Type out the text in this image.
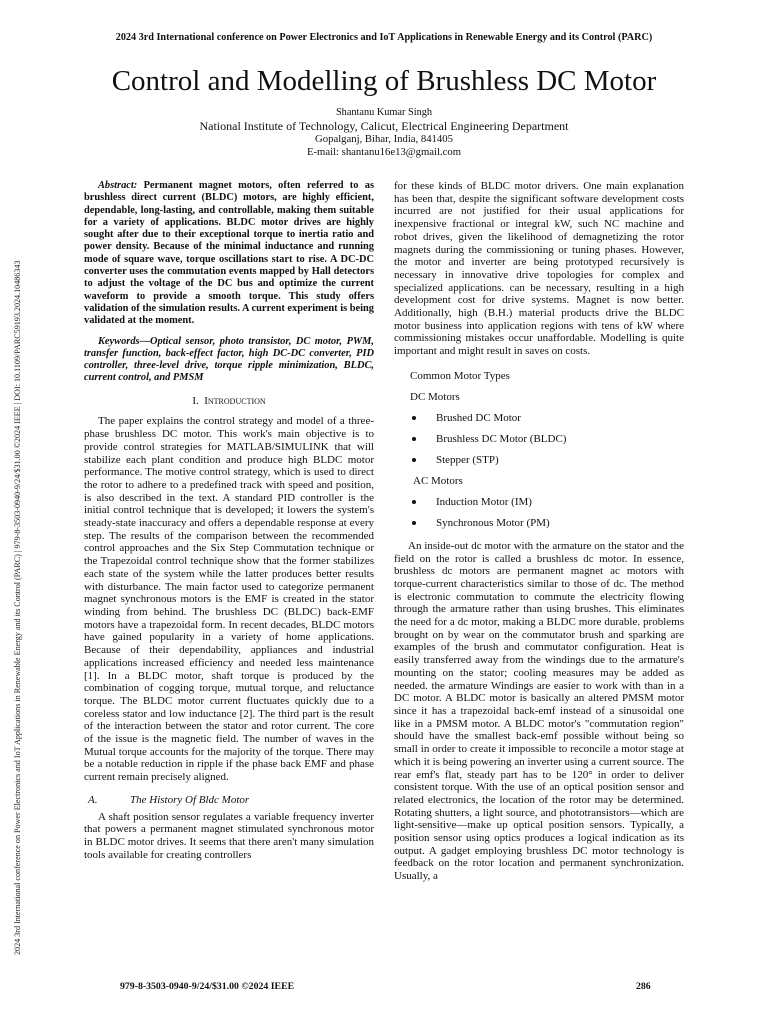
2024 3rd International conference on Power Electronics and IoT Applications in Renewable Energy and its Control (PARC)
2024 3rd International conference on Power Electronics and IoT Applications in Renewable Energy and its Control (PARC) | 979-8-3503-0940-9/24/$31.00 ©2024 IEEE | DOI: 10.1109/PARC59193.2024.10486343
Control and Modelling of Brushless DC Motor
Shantanu Kumar Singh
National Institute of Technology, Calicut, Electrical Engineering Department
Gopalganj, Bihar, India, 841405
E-mail: shantanu16e13@gmail.com

Abstract: Permanent magnet motors, often referred to as brushless direct current (BLDC) motors, are highly efficient, dependable, long-lasting, and controllable, making them suitable for a variety of applications. BLDC motor drives are highly sought after due to their exceptional torque to inertia ratio and power density. Because of the minimal inductance and running mode of square wave, torque oscillations start to rise. A DC-DC converter uses the commutation events mapped by Hall detectors to adjust the voltage of the DC bus and optimize the current waveform to provide a smooth torque. This study offers validation of the simulation results. A current experiment is being validated at the moment.

Keywords—Optical sensor, photo transistor, DC motor, PWM, transfer function, back-effect factor, high DC-DC converter, PID controller, three-level drive, torque ripple minimization, BLDC, current control, and PMSM

I. Introduction

The paper explains the control strategy and model of a three-phase brushless DC motor. This work's main objective is to provide control strategies for MATLAB/SIMULINK that will stabilize each plant condition and produce high BLDC motor performance. The motive control strategy, which is used to direct the rotor to adhere to a predefined track with speed and position, is also described in the text. A standard PID controller is the initial control technique that is developed; it lowers the system's steady-state inaccuracy and offers a dependable response at every step. The results of the comparison between the recommended control approaches and the Six Step Commutation technique or the Trapezoidal control technique show that the former stabilizes each state of the system while the latter produces better results with disturbance. The main factor used to categorize permanent magnet synchronous motors is the EMF is created in the stator winding from behind. The brushless DC (BLDC) back-EMF motors have a trapezoidal form. In recent decades, BLDC motors have gained popularity in a variety of home applications. Because of their dependability, appliances and industrial applications increased efficiency and needed less maintenance [1]. In a BLDC motor, shaft torque is produced by the combination of cogging torque, mutual torque, and reluctance torque. The BLDC motor current fluctuates quickly due to a coreless stator and low inductance [2]. The third part is the result of the interaction between the stator and rotor current. The core of the issue is the magnetic field. The number of waves in the Mutual torque accounts for the majority of the torque. There may be a notable reduction in ripple if the phase back EMF and phase current remain precisely aligned.

A.	The History Of Bldc Motor

A shaft position sensor regulates a variable frequency inverter that powers a permanent magnet stimulated synchronous motor in BLDC motor drives. It seems that there aren't many simulation tools available for creating controllers

for these kinds of BLDC motor drivers. One main explanation has been that, despite the significant software development costs incurred are not justified for their usual applications for inexpensive fractional or integral kW, such NC machine and robot drives, given the likelihood of demagnetizing the rotor magnets during the commissioning or tuning phases. However, the motor and inverter are being prototyped recursively is necessary in innovative drive topologies for complex and specialized applications. can be necessary, resulting in a high development cost for drive systems. Magnet is now better. Additionally, high (B.H.) material products drive the BLDC motor business into application regions with tens of kW where commissioning mistakes occur unaffordable. Modelling is quite important and might result in saves on costs.

Common Motor Types
DC Motors
Brushed DC Motor
Brushless DC Motor (BLDC)
Stepper (STP)
AC Motors
Induction Motor (IM)
Synchronous Motor (PM)

An inside-out dc motor with the armature on the stator and the field on the rotor is called a brushless dc motor. In essence, brushless dc motors are permanent magnet ac motors with torque-current characteristics similar to those of dc. The method is electronic commutation to commute the electricity flowing through the armature rather than using brushes. This eliminates the need for a dc motor, making a BLDC more durable. problems brought on by wear on the commutator brush and sparking are examples of the brush and commutator configuration. Heat is easily transferred away from the windings due to the armature's mounting on the stator; cooling measures may be added as needed. the armature Windings are easier to work with than in a DC motor. A BLDC motor is basically an altered PMSM motor since it has a trapezoidal back-emf instead of a sinusoidal one like in a PMSM motor. A BLDC motor's "commutation region" should have the smallest back-emf possible without being so small in order to create it impossible to reconcile a motor stage at which it is being powering an inverter using a current source. The rear emf's flat, steady part has to be 120° in order to deliver consistent torque. With the use of an optical position sensor and related electronics, the location of the rotor may be determined. Rotating shutters, a light source, and phototransistors—which are light-sensitive—make up optical position sensors. Typically, a position sensor using optics produces a logical indication as its output. A gadget employing brushless DC motor technology is feedback on the rotor location and permanent synchronization. Usually, a

979-8-3503-0940-9/24/$31.00 ©2024 IEEE	286
